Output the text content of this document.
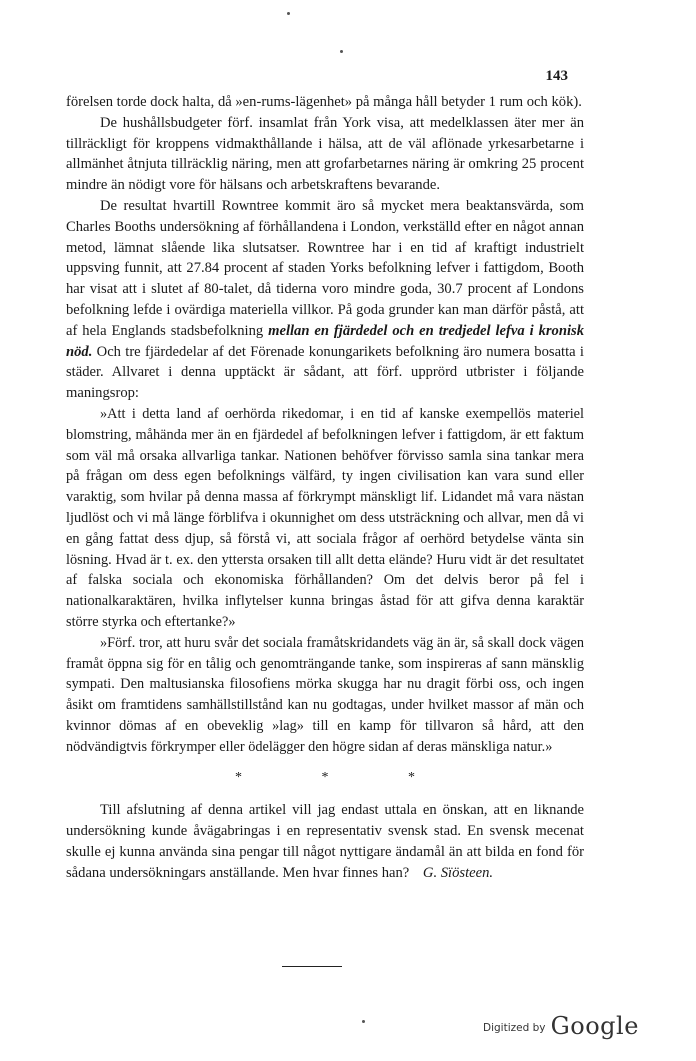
143

förelsen torde dock halta, då »en-rums-lägenhet» på många håll betyder 1 rum och kök).

De hushållsbudgeter förf. insamlat från York visa, att medelklassen äter mer än tillräckligt för kroppens vidmakthållande i hälsa, att de väl aflönade yrkesarbetarne i allmänhet åtnjuta tillräcklig näring, men att grofarbetarnes näring är omkring 25 procent mindre än nödigt vore för hälsans och arbetskraftens bevarande.

De resultat hvartill Rowntree kommit äro så mycket mera beaktansvärda, som Charles Booths undersökning af förhållandena i London, verkställd efter en något annan metod, lämnat slående lika slutsatser. Rowntree har i en tid af kraftigt industrielt uppsving funnit, att 27.84 procent af staden Yorks befolkning lefver i fattigdom, Booth har visat att i slutet af 80-talet, då tiderna voro mindre goda, 30.7 procent af Londons befolkning lefde i ovärdiga materiella villkor. På goda grunder kan man därför påstå, att af hela Englands stadsbefolkning mellan en fjärdedel och en tredjedel lefva i kronisk nöd. Och tre fjärdedelar af det Förenade konungarikets befolkning äro numera bosatta i städer. Allvaret i denna upptäckt är sådant, att förf. upprörd utbrister i följande maningsrop:

»Att i detta land af oerhörda rikedomar, i en tid af kanske exempellös materiel blomstring, måhända mer än en fjärdedel af befolkningen lefver i fattigdom, är ett faktum som väl må orsaka allvarliga tankar. Nationen behöfver förvisso samla sina tankar mera på frågan om dess egen befolknings välfärd, ty ingen civilisation kan vara sund eller varaktig, som hvilar på denna massa af förkrympt mänskligt lif. Lidandet må vara nästan ljudlöst och vi må länge förblifva i okunnighet om dess utsträckning och allvar, men då vi en gång fattat dess djup, så förstå vi, att sociala frågor af oerhörd betydelse vänta sin lösning. Hvad är t. ex. den yttersta orsaken till allt detta elände? Huru vidt är det resultatet af falska sociala och ekonomiska förhållanden? Om det delvis beror på fel i nationalkaraktären, hvilka inflytelser kunna bringas åstad för att gifva denna karaktär större styrka och eftertanke?»

»Förf. tror, att huru svår det sociala framåtskridandets väg än är, så skall dock vägen framåt öppna sig för en tålig och genomträngande tanke, som inspireras af sann mänsklig sympati. Den maltusianska filosofiens mörka skugga har nu dragit förbi oss, och ingen åsikt om framtidens samhällstillstånd kan nu godtagas, under hvilket massor af män och kvinnor dömas af en obeveklig »lag» till en kamp för tillvaron så hård, att den nödvändigtvis förkrymper eller ödelägger den högre sidan af deras mänskliga natur.»

* * *

Till afslutning af denna artikel vill jag endast uttala en önskan, att en liknande undersökning kunde åvägabringas i en representativ svensk stad. En svensk mecenat skulle ej kunna använda sina pengar till något nyttigare ändamål än att bilda en fond för sådana undersökningars anställande. Men hvar finnes han? G. Sïösteen.

Digitized by Google
